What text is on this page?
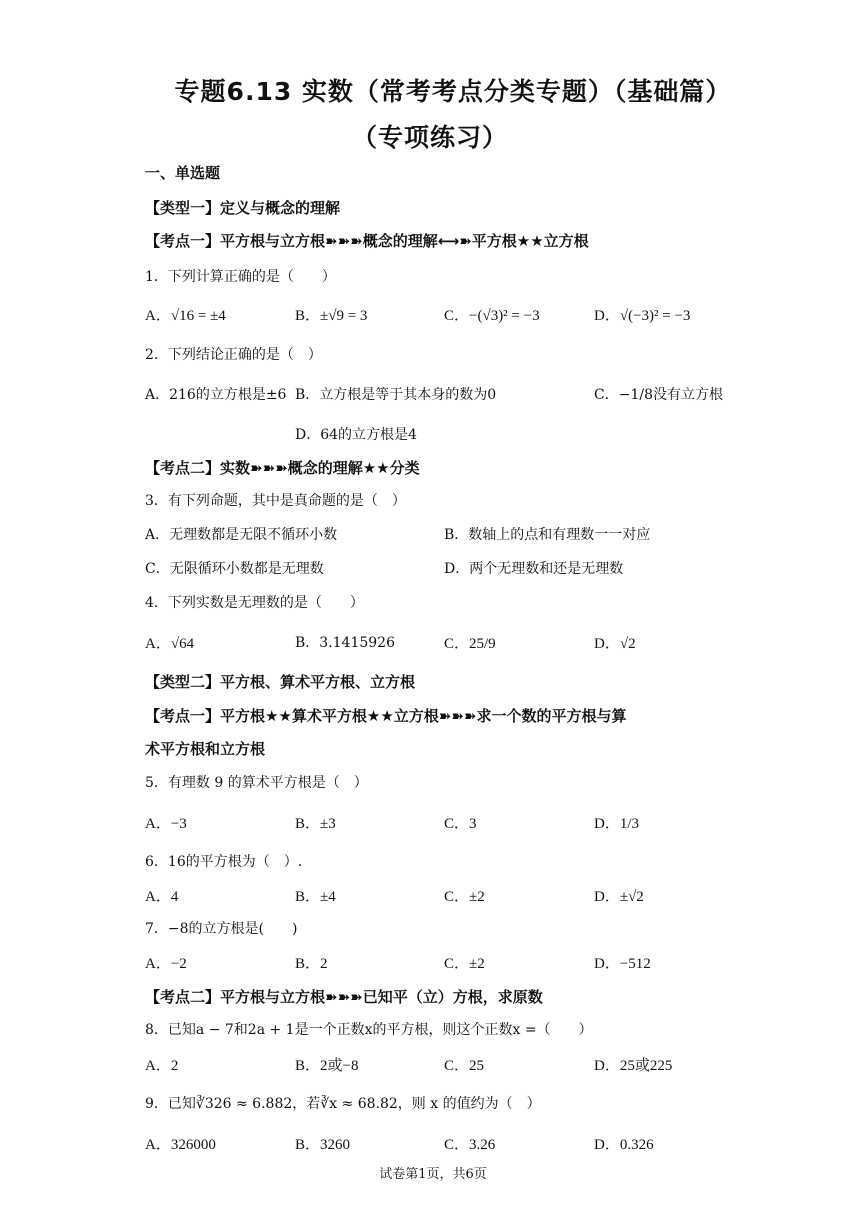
专题6.13 实数（常考考点分类专题）（基础篇）
（专项练习）
一、单选题
【类型一】定义与概念的理解
【考点一】平方根与立方根➽➽➽概念的理解⟷➽平方根★★立方根
1．下列计算正确的是（　　）
A．√16 = ±4	B．±√9 = 3	C．−(√3)² = −3	D．√(−3)² = −3
2．下列结论正确的是（　）
A．216的立方根是±6 B．立方根是等于其本身的数为0	C．−1/8没有立方根
D．64的立方根是4
【考点二】实数➽➽➽概念的理解★★分类
3．有下列命题，其中是真命题的是（　）
A．无理数都是无限不循环小数	B．数轴上的点和有理数一一对应
C．无限循环小数都是无理数	D．两个无理数和还是无理数
4．下列实数是无理数的是（　　）
A．√64	B．3.1415926	C．25/9	D．√2
【类型二】平方根、算术平方根、立方根
【考点一】平方根★★算术平方根★★立方根➽➽➽求一个数的平方根与算
术平方根和立方根
5．有理数 9 的算术平方根是（　）
A．−3	B．±3	C．3	D．1/3
6．16的平方根为（　）.
A．4	B．±4	C．±2	D．±√2
7．−8的立方根是(　　)
A．−2	B．2	C．±2	D．−512
【考点二】平方根与立方根➽➽➽已知平（立）方根，求原数
8．已知a − 7和2a + 1是一个正数x的平方根，则这个正数x =（　　）
A．2	B．2或−8	C．25	D．25或225
9．已知∛326 ≈ 6.882，若∛x ≈ 68.82，则 x 的值约为（　）
A．326000	B．3260	C．3.26	D．0.326
试卷第1页，共6页
